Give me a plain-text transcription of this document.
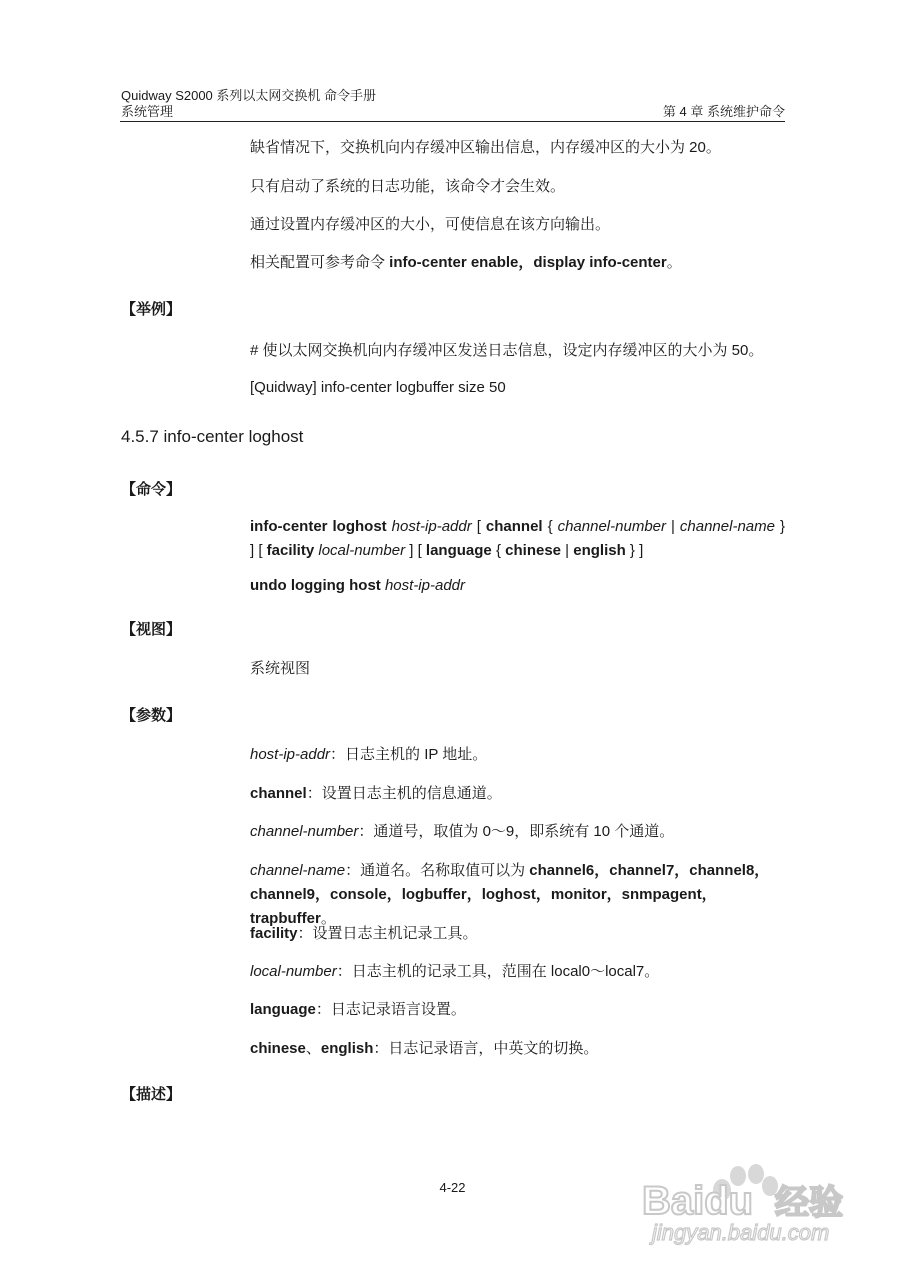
Quidway S2000 系列以太网交换机 命令手册
系统管理	第 4 章 系统维护命令
缺省情况下，交换机向内存缓冲区输出信息，内存缓冲区的大小为 20。
只有启动了系统的日志功能，该命令才会生效。
通过设置内存缓冲区的大小，可使信息在该方向输出。
相关配置可参考命令 info-center enable，display info-center。
【举例】
# 使以太网交换机向内存缓冲区发送日志信息，设定内存缓冲区的大小为 50。
[Quidway] info-center logbuffer size 50
4.5.7 info-center loghost
【命令】
info-center loghost host-ip-addr [ channel { channel-number | channel-name } ] [ facility local-number ] [ language { chinese | english } ]
undo logging host host-ip-addr
【视图】
系统视图
【参数】
host-ip-addr：日志主机的 IP 地址。
channel：设置日志主机的信息通道。
channel-number：通道号，取值为 0～9，即系统有 10 个通道。
channel-name：通道名。名称取值可以为 channel6，channel7，channel8，
channel9，console，logbuffer，loghost，monitor，snmpagent，trapbuffer。
facility：设置日志主机记录工具。
local-number：日志主机的记录工具，范围在 local0～local7。
language：日志记录语言设置。
chinese、english：日志记录语言，中英文的切换。
【描述】
4-22	Baidu 经验
jingyan.baidu.com
